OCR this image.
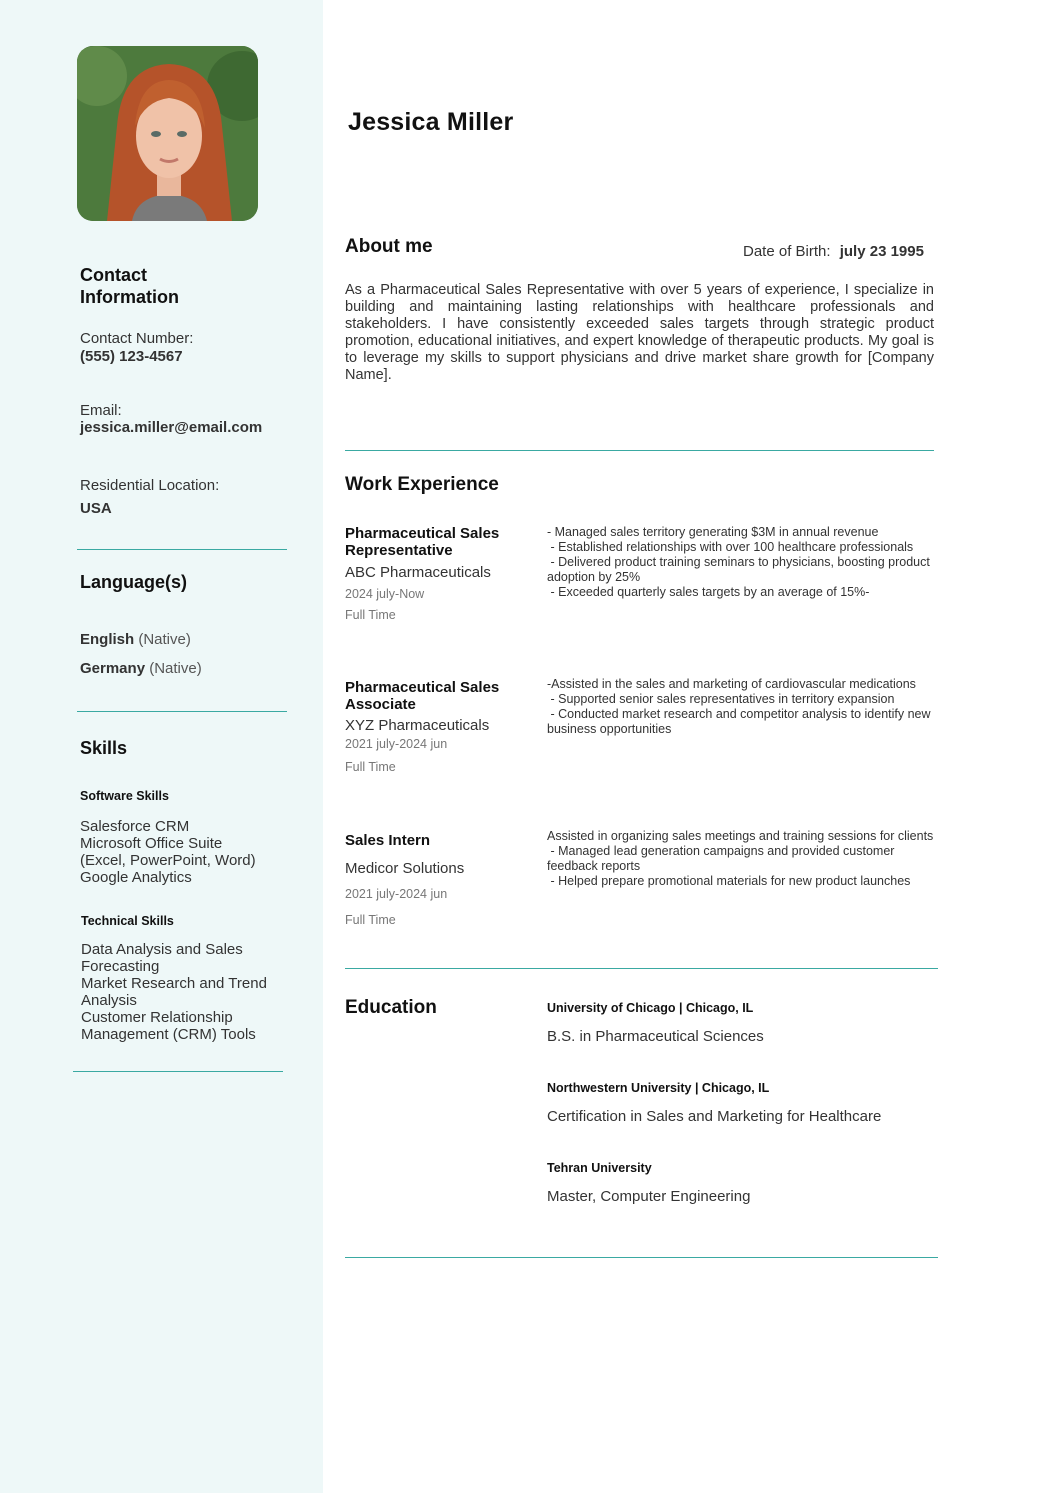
Contact
Information
Contact Number:
(555) 123-4567
Email:
jessica.miller@email.com
Residential Location:
USA
Language(s)
English (Native)
Germany (Native)
Skills
Software Skills
Salesforce CRM
Microsoft Office Suite
(Excel, PowerPoint, Word)
Google Analytics
Technical Skills
Data Analysis and Sales
Forecasting
Market Research and Trend
Analysis
Customer Relationship
Management (CRM) Tools
Jessica Miller
About me	Date of Birth: july 23 1995
As a Pharmaceutical Sales Representative with over 5 years of experience, I specialize in building and maintaining lasting relationships with healthcare professionals and stakeholders. I have consistently exceeded sales targets through strategic product promotion, educational initiatives, and expert knowledge of therapeutic products. My goal is to leverage my skills to support physicians and drive market share growth for [Company Name].
Work Experience
Pharmaceutical Sales Representative
ABC Pharmaceuticals
2024 july-Now
Full Time
- Managed sales territory generating $3M in annual revenue
- Established relationships with over 100 healthcare professionals
- Delivered product training seminars to physicians, boosting product adoption by 25%
- Exceeded quarterly sales targets by an average of 15%-
Pharmaceutical Sales Associate
XYZ Pharmaceuticals
2021 july-2024 jun
Full Time
-Assisted in the sales and marketing of cardiovascular medications
- Supported senior sales representatives in territory expansion
- Conducted market research and competitor analysis to identify new business opportunities
Sales Intern
Medicor Solutions
2021 july-2024 jun
Full Time
Assisted in organizing sales meetings and training sessions for clients
- Managed lead generation campaigns and provided customer feedback reports
- Helped prepare promotional materials for new product launches
Education	University of Chicago | Chicago, IL
B.S. in Pharmaceutical Sciences
Northwestern University | Chicago, IL
Certification in Sales and Marketing for Healthcare
Tehran University
Master, Computer Engineering
